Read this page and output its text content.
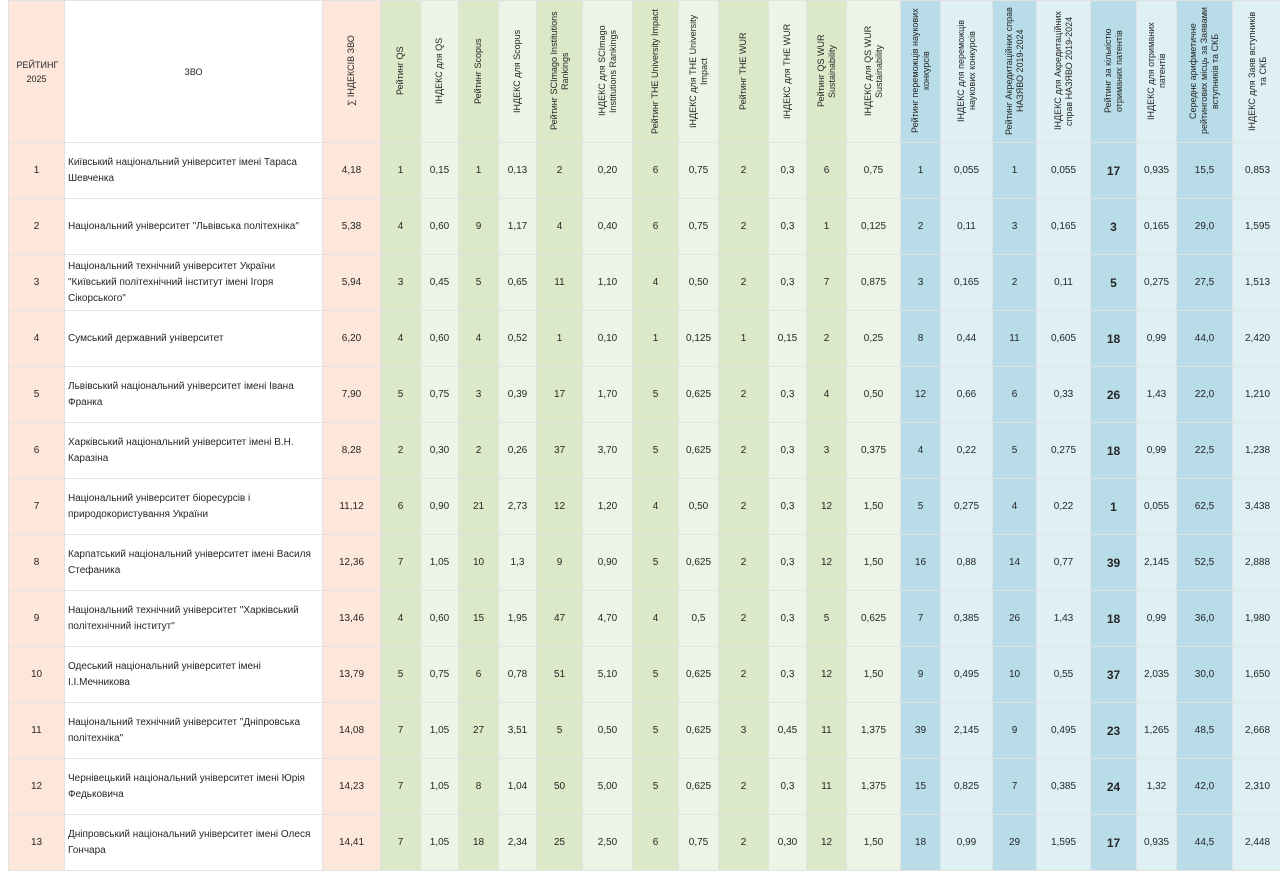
РЕЙТИНГ 2025	ЗВО	∑ ІНДЕКСІВ ЗВО	Рейтинг QS	ІНДЕКС для QS	Рейтинг Scopus	ІНДЕКС для Scopus	Рейтинг SCImago Institutions Rankings	ІНДЕКС для SCImago Institutions Rankings	Рейтинг THE University Impact	ІНДЕКС для THE University Impact	Рейтинг THE WUR	ІНДЕКС для THE WUR	Рейтинг QS WUR Sustainability	ІНДЕКС для QS WUR Sustainability	Рейтинг переможців наукових конкурсів	ІНДЕКС для переможців наукових конкурсів	Рейтинг Акредитаційних справ НАЗЯВО 2019-2024	ІНДЕКС для Акредитаційних справ НАЗЯВО 2019-2024	Рейтинг за кількістю отриманих патентів	ІНДЕКС для отриманих патентів	Середнє арифметичне рейтингових місць за Заявами вступників та СКБ	ІНДЕКС для Заяв вступників та СКБ
1	Київський національний університет імені Тараса Шевченка	4,18	1	0,15	1	0,13	2	0,20	6	0,75	2	0,3	6	0,75	1	0,055	1	0,055	17	0,935	15,5	0,853
2	Національний університет "Львівська політехніка"	5,38	4	0,60	9	1,17	4	0,40	6	0,75	2	0,3	1	0,125	2	0,11	3	0,165	3	0,165	29,0	1,595
3	Національний технічний університет України "Київський політехнічний інститут імені Ігоря Сікорського"	5,94	3	0,45	5	0,65	11	1,10	4	0,50	2	0,3	7	0,875	3	0,165	2	0,11	5	0,275	27,5	1,513
4	Сумський державний університет	6,20	4	0,60	4	0,52	1	0,10	1	0,125	1	0,15	2	0,25	8	0,44	11	0,605	18	0,99	44,0	2,420
5	Львівський національний університет імені Івана Франка	7,90	5	0,75	3	0,39	17	1,70	5	0,625	2	0,3	4	0,50	12	0,66	6	0,33	26	1,43	22,0	1,210
6	Харківський національний університет імені В.Н. Каразіна	8,28	2	0,30	2	0,26	37	3,70	5	0,625	2	0,3	3	0,375	4	0,22	5	0,275	18	0,99	22,5	1,238
7	Національний університет біоресурсів і природокористування України	11,12	6	0,90	21	2,73	12	1,20	4	0,50	2	0,3	12	1,50	5	0,275	4	0,22	1	0,055	62,5	3,438
8	Карпатський національний університет імені Василя Стефаника	12,36	7	1,05	10	1,3	9	0,90	5	0,625	2	0,3	12	1,50	16	0,88	14	0,77	39	2,145	52,5	2,888
9	Національний технічний університет "Харківський політехнічний інститут"	13,46	4	0,60	15	1,95	47	4,70	4	0,5	2	0,3	5	0,625	7	0,385	26	1,43	18	0,99	36,0	1,980
10	Одеський національний університет імені І.І.Мечникова	13,79	5	0,75	6	0,78	51	5,10	5	0,625	2	0,3	12	1,50	9	0,495	10	0,55	37	2,035	30,0	1,650
11	Національний технічний університет "Дніпровська політехніка"	14,08	7	1,05	27	3,51	5	0,50	5	0,625	3	0,45	11	1,375	39	2,145	9	0,495	23	1,265	48,5	2,668
12	Чернівецький національний університет імені Юрія Федьковича	14,23	7	1,05	8	1,04	50	5,00	5	0,625	2	0,3	11	1,375	15	0,825	7	0,385	24	1,32	42,0	2,310
13	Дніпровський національний університет імені Олеся Гончара	14,41	7	1,05	18	2,34	25	2,50	6	0,75	2	0,30	12	1,50	18	0,99	29	1,595	17	0,935	44,5	2,448
